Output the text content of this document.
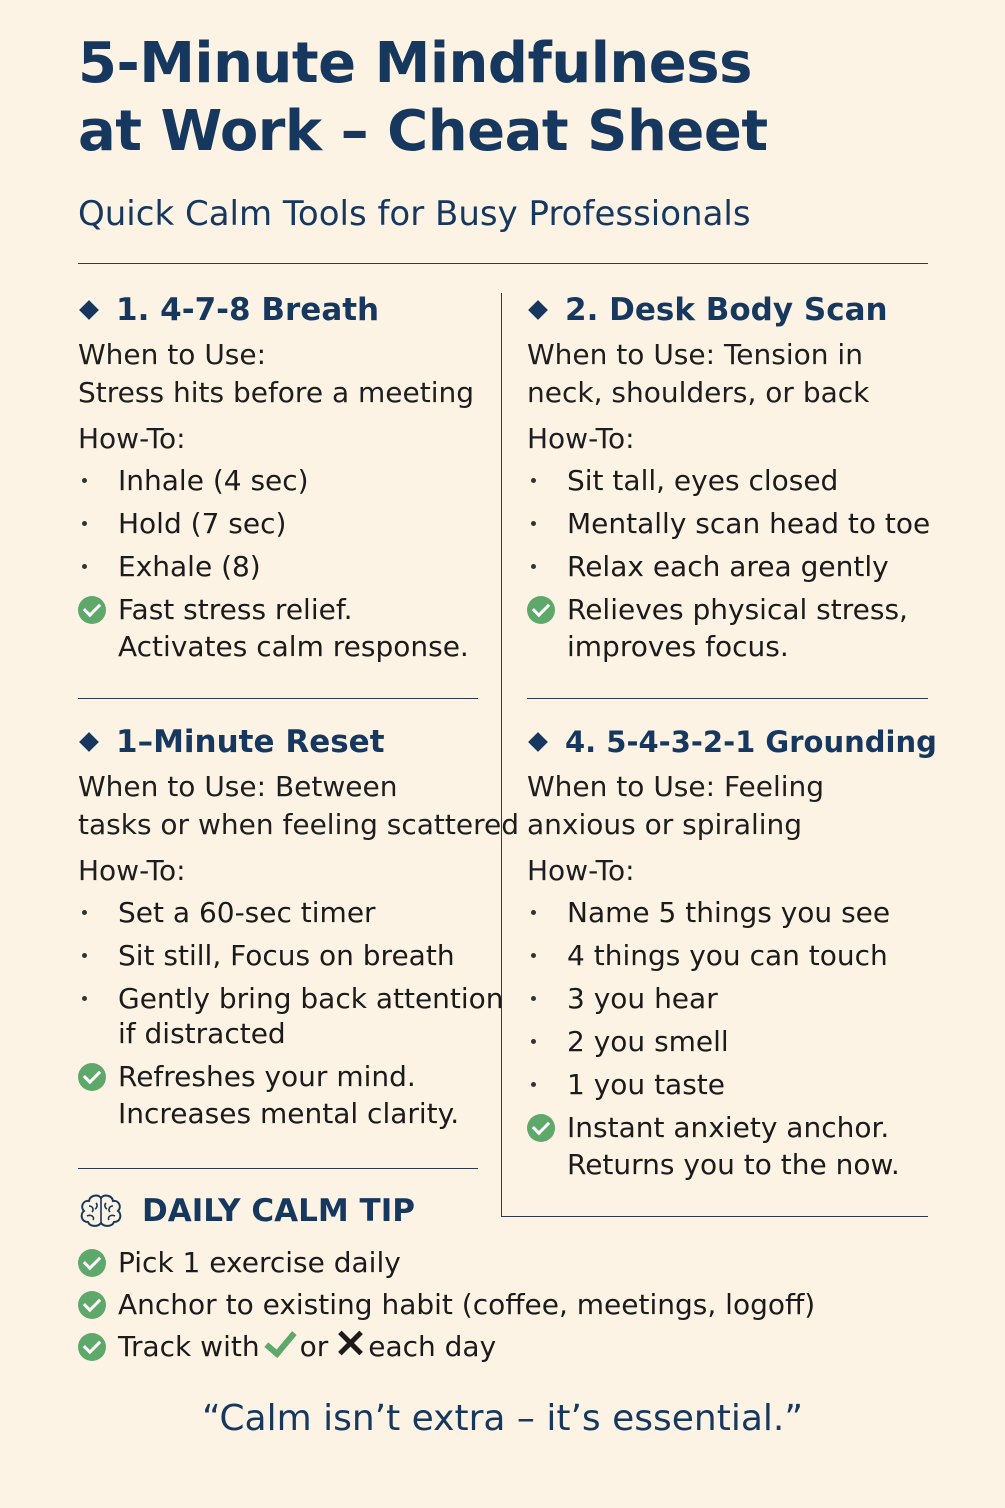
5-Minute Mindfulness
at Work – Cheat Sheet
Quick Calm Tools for Busy Professionals
1. 4-7-8 Breath
When to Use:
Stress hits before a meeting
How-To:
Inhale (4 sec)
Hold (7 sec)
Exhale (8)
Fast stress relief.
Activates calm response.
2. Desk Body Scan
When to Use: Tension in
neck, shoulders, or back
How-To:
Sit tall, eyes closed
Mentally scan head to toe
Relax each area gently
Relieves physical stress,
improves focus.
1–Minute Reset
When to Use: Between
tasks or when feeling scattered
How-To:
Set a 60-sec timer
Sit still, Focus on breath
Gently bring back attention
if distracted
Refreshes your mind.
Increases mental clarity.
4. 5-4-3-2-1 Grounding
When to Use: Feeling
anxious or spiraling
How-To:
Name 5 things you see
4 things you can touch
3 you hear
2 you smell
1 you taste
Instant anxiety anchor.
Returns you to the now.
DAILY CALM TIP
Pick 1 exercise daily
Anchor to existing habit (coffee, meetings, logoff)
Track with or each day
“Calm isn’t extra – it’s essential.”
